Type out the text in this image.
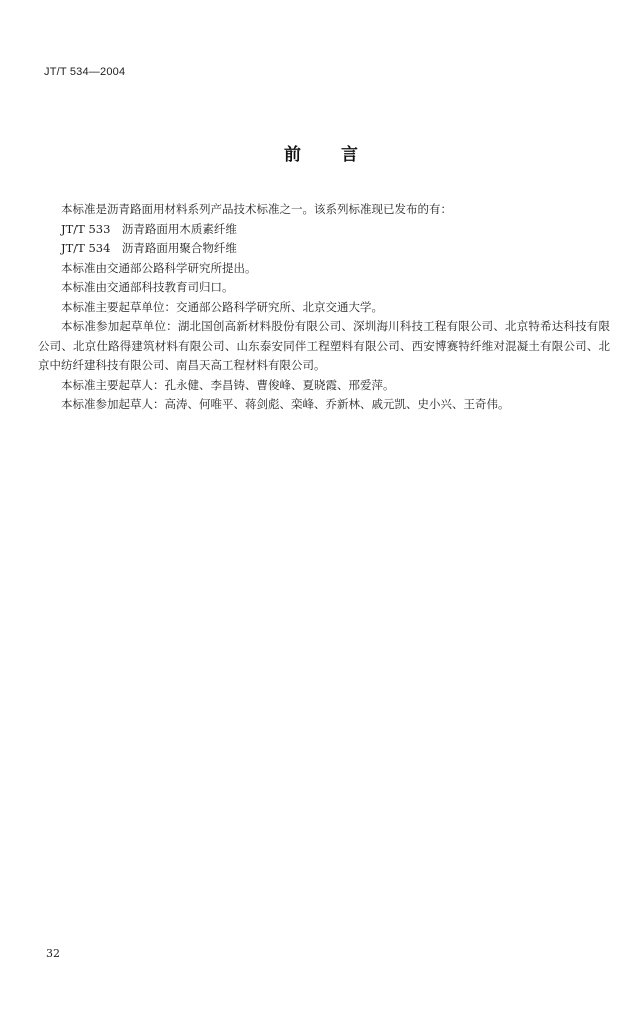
JT/T 534—2004
前 言

本标准是沥青路面用材料系列产品技术标准之一。该系列标准现已发布的有：

JT/T 533　沥青路面用木质素纤维

JT/T 534　沥青路面用聚合物纤维

本标准由交通部公路科学研究所提出。

本标准由交通部科技教育司归口。

本标准主要起草单位：交通部公路科学研究所、北京交通大学。

本标准参加起草单位：湖北国创高新材料股份有限公司、深圳海川科技工程有限公司、北京特希达科技有限公司、北京仕路得建筑材料有限公司、山东泰安同伴工程塑料有限公司、西安博赛特纤维对混凝土有限公司、北京中纺纤建科技有限公司、南昌天高工程材料有限公司。

本标准主要起草人：孔永健、李昌铸、曹俊峰、夏晓霞、邢爱萍。

本标准参加起草人：高涛、何唯平、蒋剑彪、栾峰、乔新林、戚元凯、史小兴、王奇伟。

32
